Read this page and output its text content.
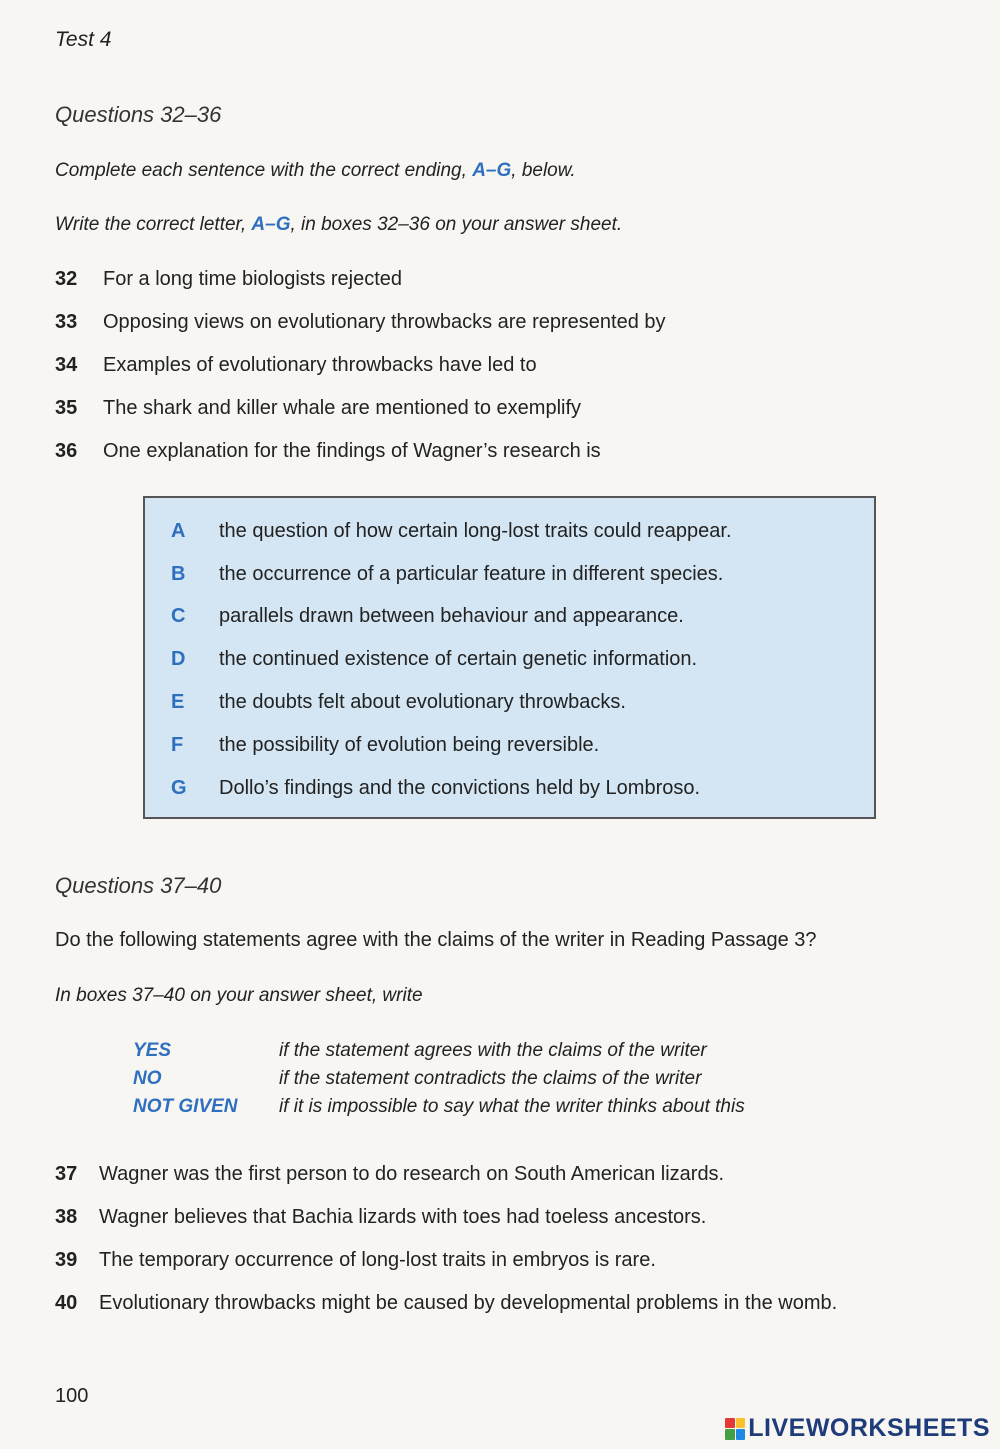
Test 4
Questions 32–36
Complete each sentence with the correct ending, A–G, below.
Write the correct letter, A–G, in boxes 32–36 on your answer sheet.
32	For a long time biologists rejected
33	Opposing views on evolutionary throwbacks are represented by
34	Examples of evolutionary throwbacks have led to
35	The shark and killer whale are mentioned to exemplify
36	One explanation for the findings of Wagner’s research is
A	the question of how certain long-lost traits could reappear.
B	the occurrence of a particular feature in different species.
C	parallels drawn between behaviour and appearance.
D	the continued existence of certain genetic information.
E	the doubts felt about evolutionary throwbacks.
F	the possibility of evolution being reversible.
G	Dollo’s findings and the convictions held by Lombroso.
Questions 37–40
Do the following statements agree with the claims of the writer in Reading Passage 3?
In boxes 37–40 on your answer sheet, write
YES	if the statement agrees with the claims of the writer
NO	if the statement contradicts the claims of the writer
NOT GIVEN	if it is impossible to say what the writer thinks about this
37	Wagner was the first person to do research on South American lizards.
38	Wagner believes that Bachia lizards with toes had toeless ancestors.
39	The temporary occurrence of long-lost traits in embryos is rare.
40	Evolutionary throwbacks might be caused by developmental problems in the womb.
100
LIVEWORKSHEETS
